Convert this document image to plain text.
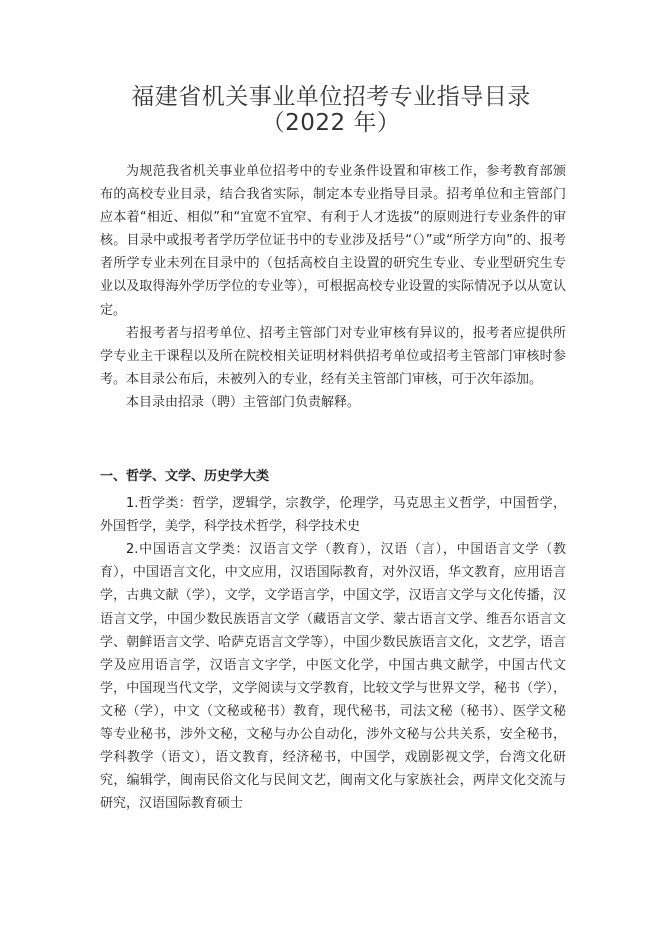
福建省机关事业单位招考专业指导目录
（2022 年）

为规范我省机关事业单位招考中的专业条件设置和审核工作，参考教育部颁布的高校专业目录，结合我省实际，制定本专业指导目录。招考单位和主管部门应本着“相近、相似”和“宜宽不宜窄、有利于人才选拔”的原则进行专业条件的审核。目录中或报考者学历学位证书中的专业涉及括号“（）”或“所学方向”的、报考者所学专业未列在目录中的（包括高校自主设置的研究生专业、专业型研究生专业以及取得海外学历学位的专业等），可根据高校专业设置的实际情况予以从宽认定。

若报考者与招考单位、招考主管部门对专业审核有异议的，报考者应提供所学专业主干课程以及所在院校相关证明材料供招考单位或招考主管部门审核时参考。本目录公布后，未被列入的专业，经有关主管部门审核，可于次年添加。

本目录由招录（聘）主管部门负责解释。

一、哲学、文学、历史学大类

1.哲学类：哲学，逻辑学，宗教学，伦理学，马克思主义哲学，中国哲学，外国哲学，美学，科学技术哲学，科学技术史

2.中国语言文学类：汉语言文学（教育），汉语（言），中国语言文学（教育），中国语言文化，中文应用，汉语国际教育，对外汉语，华文教育，应用语言学，古典文献（学），文学，文学语言学，中国文学，汉语言文学与文化传播，汉语言文学，中国少数民族语言文学（藏语言文学、蒙古语言文学、维吾尔语言文学、朝鲜语言文学、哈萨克语言文学等），中国少数民族语言文化，文艺学，语言学及应用语言学，汉语言文字学，中医文化学，中国古典文献学，中国古代文学，中国现当代文学，文学阅读与文学教育，比较文学与世界文学，秘书（学），文秘（学），中文（文秘或秘书）教育，现代秘书，司法文秘（秘书）、医学文秘等专业秘书，涉外文秘，文秘与办公自动化，涉外文秘与公共关系，安全秘书，学科教学（语文），语文教育，经济秘书，中国学，戏剧影视文学，台湾文化研究，编辑学，闽南民俗文化与民间文艺，闽南文化与家族社会，两岸文化交流与研究，汉语国际教育硕士
